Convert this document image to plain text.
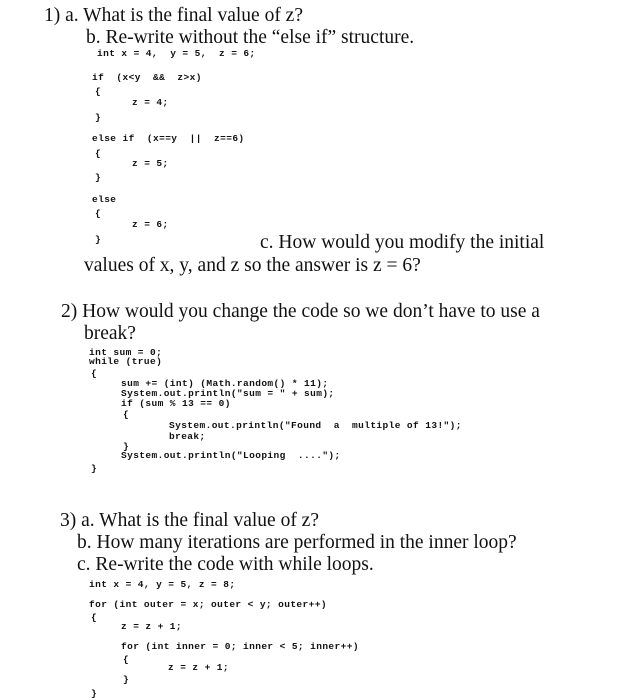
1) a. What is the final value of z?
b. Re-write without the “else if” structure.
int x = 4,  y = 5,  z = 6;
if  (x<y  &&  z>x)
{
z = 4;
}
else if  (x==y  ||  z==6)
{
z = 5;
}
else
{
z = 6;
}	c. How would you modify the initial
values of x, y, and z so the answer is z = 6?
2) How would you change the code so we don’t have to use a
break?
int sum = 0;
while (true)
{
sum += (int) (Math.random() * 11);
System.out.println("sum = " + sum);
if (sum % 13 == 0)
{
System.out.println("Found  a  multiple of 13!");
break;
}
System.out.println("Looping  ....");
}
3) a. What is the final value of z?
b. How many iterations are performed in the inner loop?
c. Re-write the code with while loops.
int x = 4, y = 5, z = 8;
for (int outer = x; outer < y; outer++)
{
z = z + 1;
for (int inner = 0; inner < 5; inner++)
{
z = z + 1;
}
}
